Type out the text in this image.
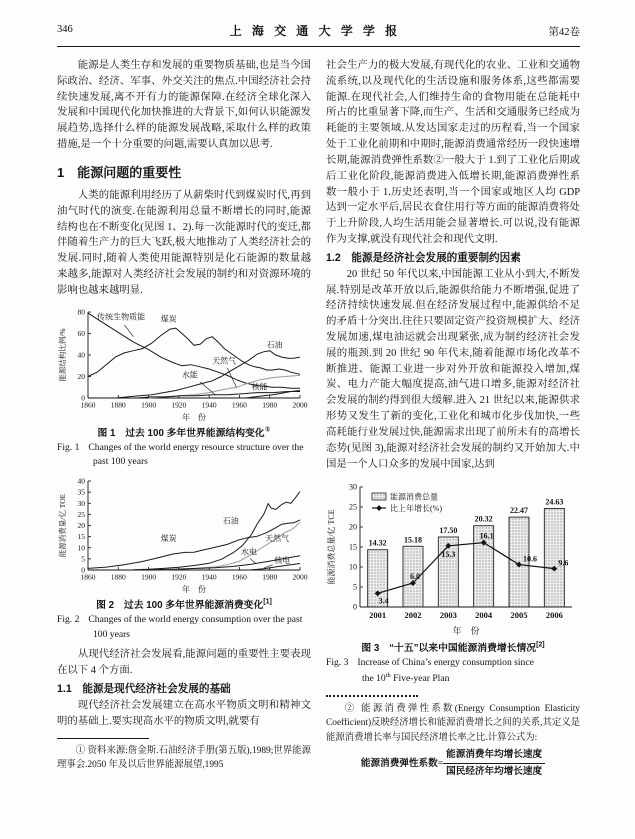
346	上海交通大学学报	第42卷

能源是人类生存和发展的重要物质基础,也是当今国际政治、经济、军事、外交关注的焦点.中国经济社会持续快速发展,离不开有力的能源保障.在经济全球化深入发展和中国现代化加快推进的大背景下,如何认识能源发展趋势,选择什么样的能源发展战略,采取什么样的政策措施,是一个十分重要的问题,需要认真加以思考.

1 能源问题的重要性

人类的能源利用经历了从薪柴时代到煤炭时代,再到油气时代的演变.在能源利用总量不断增长的同时,能源结构也在不断变化(见图 1、2).每一次能源时代的变迁,都伴随着生产力的巨大飞跃,极大地推动了人类经济社会的发展.同时,随着人类使用能源特别是化石能源的数量越来越多,能源对人类经济社会发展的制约和对资源环境的影响也越来越明显.

0
20
40
60
80
1860 1880 1900 1920 1940 1960 1980 2000
年　份
能源结构比例/%
传统生物质能 煤炭
石油
天然气
水能
核能
图 1　过去 100 多年世界能源结构变化①
Fig. 1 Changes of the world energy resource structure over the past 100 years
0
5
10
15
20
25
30
35
40
1860 1880 1900 1920 1940 1960 1980 2000
年　份
能源消费量/亿 TOE	煤炭
石油
天然气
水电
核电
图 2　过去 100 多年世界能源消费变化[1]
Fig. 2 Changes of the world energy consumption over the past 100 years

从现代经济社会发展看,能源问题的重要性主要表现在以下 4 个方面.

1.1　能源是现代经济社会发展的基础

现代经济社会发展建立在高水平物质文明和精神文明的基础上.要实现高水平的物质文明,就要有

① 资料来源:詹金斯.石油经济手册(第五版),1989;世界能源理事会.2050 年及以后世界能源展望,1995

社会生产力的极大发展,有现代化的农业、工业和交通物流系统,以及现代化的生活设施和服务体系,这些都需要能源.在现代社会,人们维持生命的食物用能在总能耗中所占的比重显著下降,而生产、生活和交通服务已经成为耗能的主要领域.从发达国家走过的历程看,当一个国家处于工业化前期和中期时,能源消费通常经历一段快速增长期,能源消费弹性系数②一般大于 1.到了工业化后期或后工业化阶段,能源消费进入低增长期,能源消费弹性系数一般小于 1.历史还表明,当一个国家或地区人均 GDP 达到一定水平后,居民衣食住用行等方面的能源消费将处于上升阶段,人均生活用能会显著增长.可以说,没有能源作为支撑,就没有现代社会和现代文明.

1.2　能源是经济社会发展的重要制约因素

20 世纪 50 年代以来,中国能源工业从小到大,不断发展.特别是改革开放以后,能源供给能力不断增强,促进了经济持续快速发展.但在经济发展过程中,能源供给不足的矛盾十分突出.往往只要固定资产投资规模扩大、经济发展加速,煤电油运就会出现紧张,成为制约经济社会发展的瓶颈.到 20 世纪 90 年代末,随着能源市场化改革不断推进、能源工业进一步对外开放和能源投入增加,煤炭、电力产能大幅度提高,油气进口增多,能源对经济社会发展的制约得到很大缓解.进入 21 世纪以来,能源供求形势又发生了新的变化,工业化和城市化步伐加快,一些高耗能行业发展过快,能源需求出现了前所未有的高增长态势(见图 3),能源对经济社会发展的制约又开始加大.中国是一个人口众多的发展中国家,达到

0
5
10
15
20
25
30
14.32 15.18
17.50
20.32
22.47
24.63
3.4
6.0
15.3
16.1
10.6	9.6
2001 2002 2003 2004 2005 2006
年　份
能源消费总量/亿 TCE
能源消费总量
比上年增长(%)
图 3　“十五”以来中国能源消费增长情况[2]
Fig. 3 Increase of China’s energy consumption since
the 10th Five-year Plan

② 能源消费弹性系数(Energy Consumption Elasticity Coefficient)反映经济增长和能源消费增长之间的关系,其定义是能源消费增长率与国民经济增长率之比.计算公式为:

能源消费弹性系数= $\frac{\text{能源消费年均增长速度}}{\text{国民经济年均增长速度}}$
